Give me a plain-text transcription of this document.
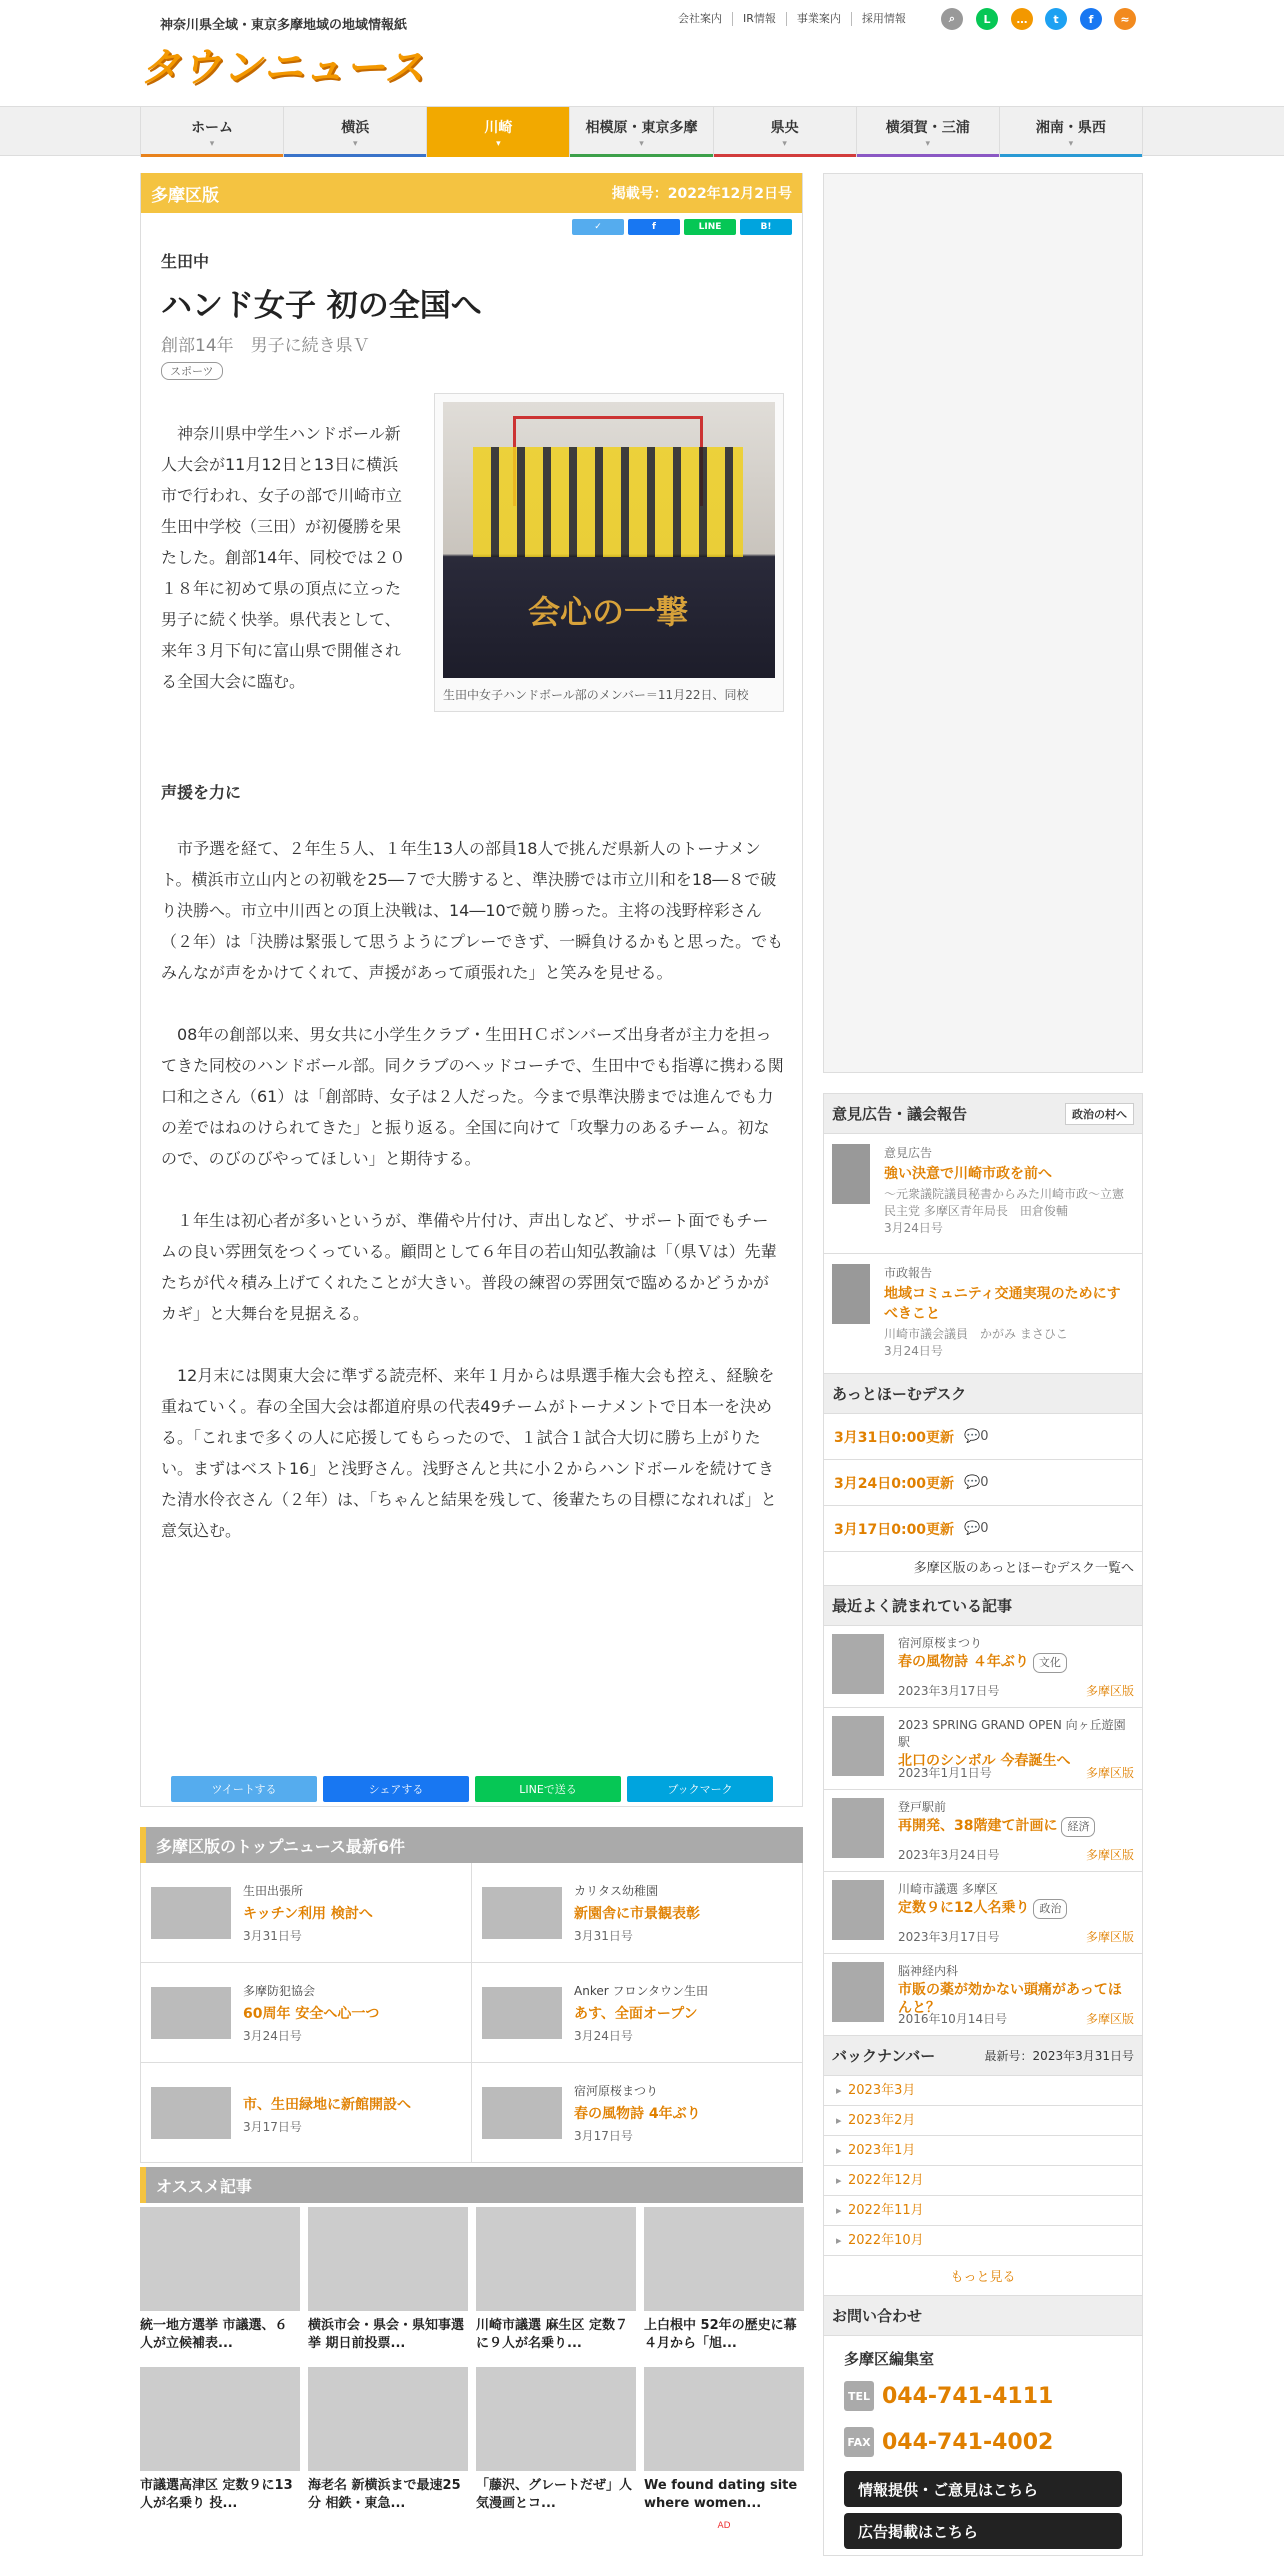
神奈川県全域・東京多摩地域の地域情報紙
タウンニュース
会社案内	IR情報	事業案内	採用情報	⌕	L	…	t	f	≈
ホーム
▾
横浜
▾
川崎
▾
相模原・東京多摩
▾
県央
▾
横須賀・三浦
▾
湘南・県西
▾
多摩区版	掲載号：2022年12月2日号
✓	f	LINE	B!
生田中
ハンド女子 初の全国へ
創部14年　男子に続き県Ｖ
スポーツ
神奈川県中学生ハンドボール新人大会が11月12日と13日に横浜市で行われ、女子の部で川崎市立生田中学校（三田）が初優勝を果たした。創部14年、同校では２０１８年に初めて県の頂点に立った男子に続く快挙。県代表として、来年３月下旬に富山県で開催される全国大会に臨む。
会心の一撃
生田中女子ハンドボール部のメンバー＝11月22日、同校
声援を力に

市予選を経て、２年生５人、１年生13人の部員18人で挑んだ県新人のトーナメント。横浜市立山内との初戦を25―７で大勝すると、準決勝では市立川和を18―８で破り決勝へ。市立中川西との頂上決戦は、14―10で競り勝った。主将の浅野梓彩さん（２年）は「決勝は緊張して思うようにプレーできず、一瞬負けるかもと思った。でもみんなが声をかけてくれて、声援があって頑張れた」と笑みを見せる。

08年の創部以来、男女共に小学生クラブ・生田ＨＣボンバーズ出身者が主力を担ってきた同校のハンドボール部。同クラブのヘッドコーチで、生田中でも指導に携わる関口和之さん（61）は「創部時、女子は２人だった。今まで県準決勝までは進んでも力の差ではねのけられてきた」と振り返る。全国に向けて「攻撃力のあるチーム。初なので、のびのびやってほしい」と期待する。

１年生は初心者が多いというが、準備や片付け、声出しなど、サポート面でもチームの良い雰囲気をつくっている。顧問として６年目の若山知弘教諭は「（県Ｖは）先輩たちが代々積み上げてくれたことが大きい。普段の練習の雰囲気で臨めるかどうかがカギ」と大舞台を見据える。

12月末には関東大会に準ずる読売杯、来年１月からは県選手権大会も控え、経験を重ねていく。春の全国大会は都道府県の代表49チームがトーナメントで日本一を決める。「これまで多くの人に応援してもらったので、１試合１試合大切に勝ち上がりたい。まずはベスト16」と浅野さん。浅野さんと共に小２からハンドボールを続けてきた清水伶衣さん（２年）は、「ちゃんと結果を残して、後輩たちの目標になれれば」と意気込む。

ツイートする	シェアする	LINEで送る	ブックマーク
多摩区版のトップニュース最新6件
生田出張所
キッチン利用 検討へ
3月31日号
カリタス幼稚園
新園舎に市景観表彰
3月31日号
多摩防犯協会
60周年 安全へ心一つ
3月24日号
Anker フロンタウン生田
あす、全面オープン
3月24日号
市、生田緑地に新館開設へ
3月17日号
宿河原桜まつり
春の風物詩 4年ぶり
3月17日号
オススメ記事
統一地方選挙 市議選、６人が立候補表...
横浜市会・県会・県知事選挙 期日前投票...
川崎市議選 麻生区 定数７に９人が名乗り...
上白根中 52年の歴史に幕 ４月から「旭...
市議選高津区 定数９に13人が名乗り 投...
海老名 新横浜まで最速25分 相鉄・東急...
「藤沢、グレートだぜ」人気漫画とコ...
We found dating site where women...
AD
意見広告・議会報告	政治の村へ
意見広告
強い決意で川崎市政を前へ
〜元衆議院議員秘書からみた川崎市政〜立憲民主党 多摩区青年局長　田倉俊輔
3月24日号
市政報告
地域コミュニティ交通実現のためにすべきこと
川崎市議会議員　かがみ まさひこ
3月24日号
あっとほーむデスク
3月31日0:00更新 💬0
3月24日0:00更新 💬0
3月17日0:00更新 💬0
多摩区版のあっとほーむデスク一覧へ
最近よく読まれている記事
宿河原桜まつり
春の風物詩 ４年ぶり 文化
2023年3月17日号	多摩区版
2023 SPRING GRAND OPEN 向ヶ丘遊園駅
北口のシンボル 今春誕生へ
2023年1月1日号	多摩区版
登戸駅前
再開発、38階建て計画に 経済
2023年3月24日号	多摩区版
川崎市議選 多摩区
定数９に12人名乗り 政治
2023年3月17日号	多摩区版
脳神経内科
市販の薬が効かない頭痛があってほんと？
2016年10月14日号	多摩区版
バックナンバー	最新号：2023年3月31日号
▸ 2023年3月
▸ 2023年2月
▸ 2023年1月
▸ 2022年12月
▸ 2022年11月
▸ 2022年10月
もっと見る
お問い合わせ
多摩区編集室
TEL 044-741-4111
FAX 044-741-4002
情報提供・ご意見はこちら
広告掲載はこちら
